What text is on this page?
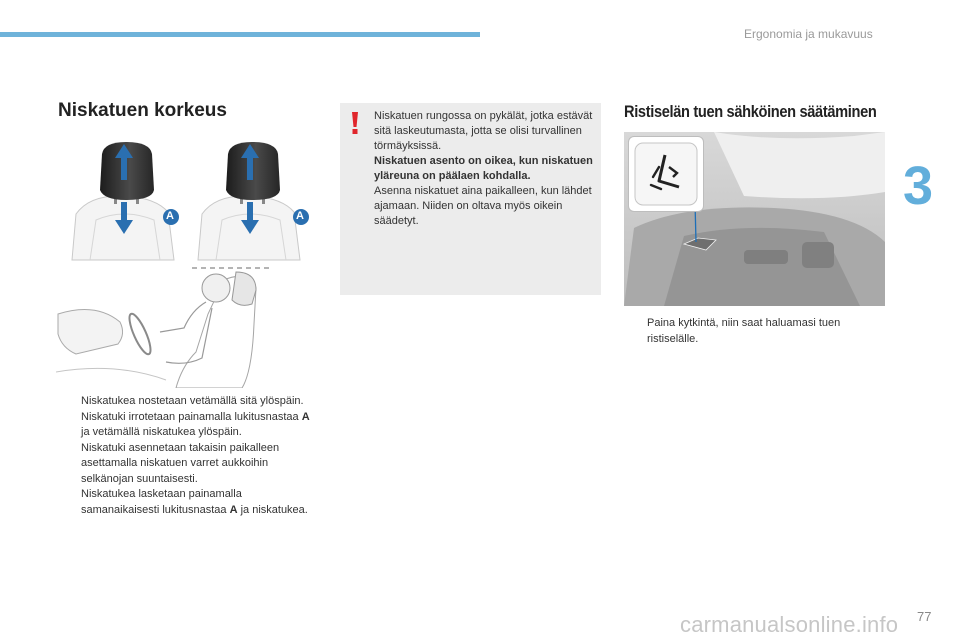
Ergonomia ja mukavuus
3
Niskatuen korkeus
A	A
Niskatukea nostetaan vetämällä sitä ylöspäin.
Niskatuki irrotetaan painamalla lukitusnastaa A ja vetämällä niskatukea ylöspäin.
Niskatuki asennetaan takaisin paikalleen asettamalla niskatuen varret aukkoihin selkänojan suuntaisesti.
Niskatukea lasketaan painamalla samanaikaisesti lukitusnastaa A ja niskatukea.

Niskatuen rungossa on pykälät, jotka estävät sitä laskeutumasta, jotta se olisi turvallinen törmäyksissä.

Niskatuen asento on oikea, kun niskatuen yläreuna on päälaen kohdalla.

Asenna niskatuet aina paikalleen, kun lähdet ajamaan. Niiden on oltava myös oikein säädetyt.

Ristiselän tuen sähköinen säätäminen
Paina kytkintä, niin saat haluamasi tuen ristiselälle.
carmanualsonline.info 77
